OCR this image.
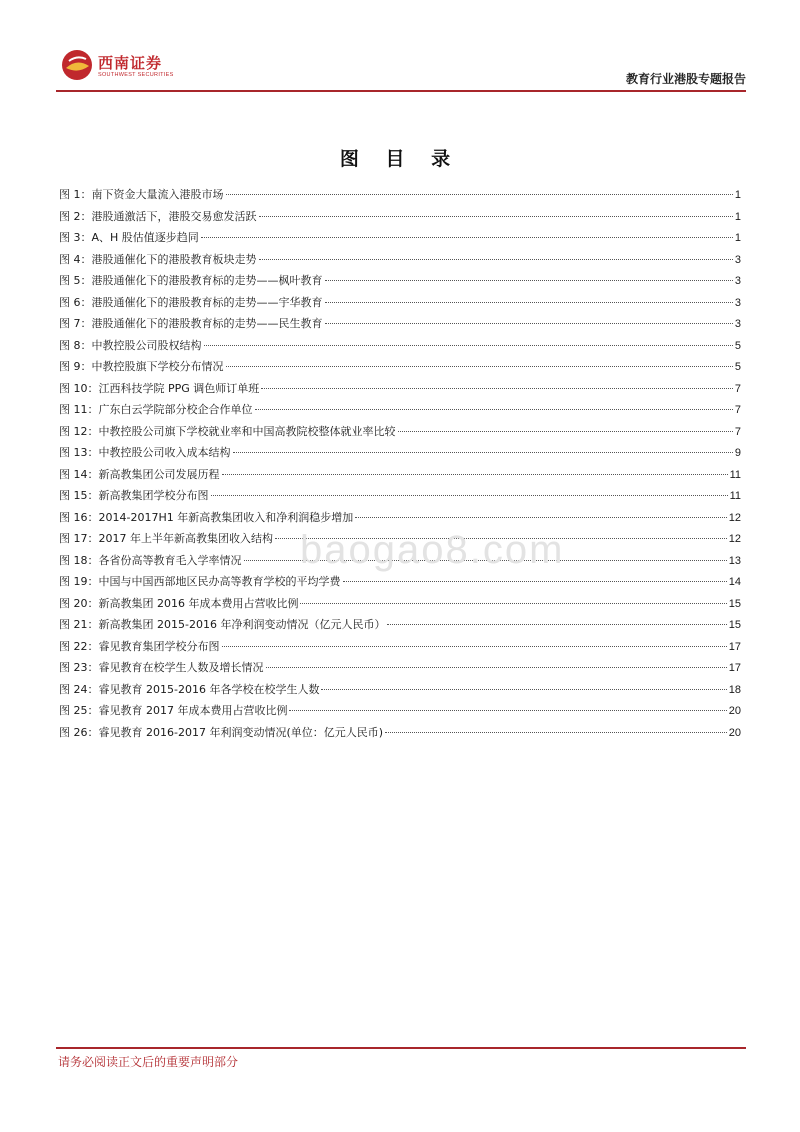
西南证券
SOUTHWEST SECURITIES	教育行业港股专题报告
图 目 录
图 1：南下资金大量流入港股市场	1
图 2：港股通激活下，港股交易愈发活跃	1
图 3：A、H 股估值逐步趋同	1
图 4：港股通催化下的港股教育板块走势	3
图 5：港股通催化下的港股教育标的走势——枫叶教育	3
图 6：港股通催化下的港股教育标的走势——宇华教育	3
图 7：港股通催化下的港股教育标的走势——民生教育	3
图 8：中教控股公司股权结构	5
图 9：中教控股旗下学校分布情况	5
图 10：江西科技学院 PPG 调色师订单班	7
图 11：广东白云学院部分校企合作单位	7
图 12：中教控股公司旗下学校就业率和中国高教院校整体就业率比较	7
图 13：中教控股公司收入成本结构	9
图 14：新高教集团公司发展历程	11
图 15：新高教集团学校分布图	11
图 16：2014-2017H1 年新高教集团收入和净利润稳步增加	12
图 17：2017 年上半年新高教集团收入结构	12
图 18：各省份高等教育毛入学率情况	13
图 19：中国与中国西部地区民办高等教育学校的平均学费	14
图 20：新高教集团 2016 年成本费用占营收比例	15
图 21：新高教集团 2015-2016 年净利润变动情况（亿元人民币）	15
图 22：睿见教育集团学校分布图	17
图 23：睿见教育在校学生人数及增长情况	17
图 24：睿见教育 2015-2016 年各学校在校学生人数	18
图 25：睿见教育 2017 年成本费用占营收比例	20
图 26：睿见教育 2016-2017 年利润变动情况(单位：亿元人民币)	20
baogao8.com
请务必阅读正文后的重要声明部分
